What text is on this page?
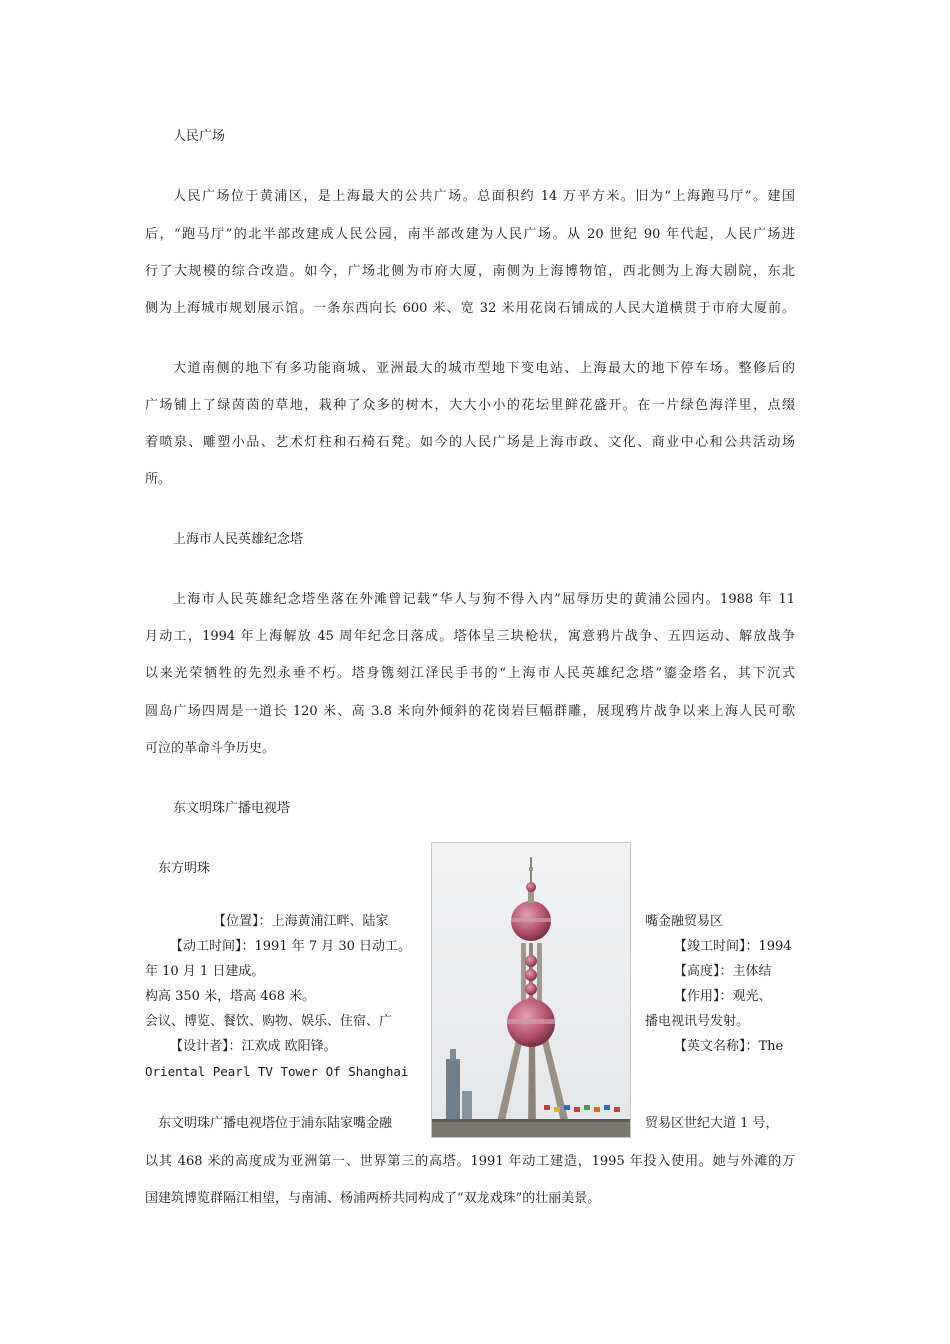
人民广场
人民广场位于黄浦区，是上海最大的公共广场。总面积约 14 万平方米。旧为“上海跑马厅”。建国
后，“跑马厅”的北半部改建成人民公园，南半部改建为人民广场。从 20 世纪 90 年代起，人民广场进
行了大规模的综合改造。如今，广场北侧为市府大厦，南侧为上海博物馆，西北侧为上海大剧院，东北
侧为上海城市规划展示馆。一条东西向长 600 米、宽 32 米用花岗石铺成的人民大道横贯于市府大厦前。
大道南侧的地下有多功能商城、亚洲最大的城市型地下变电站、上海最大的地下停车场。整修后的
广场铺上了绿茵茵的草地，栽种了众多的树木，大大小小的花坛里鲜花盛开。在一片绿色海洋里，点缀
着喷泉、雕塑小品、艺术灯柱和石椅石凳。如今的人民广场是上海市政、文化、商业中心和公共活动场
所。
上海市人民英雄纪念塔
上海市人民英雄纪念塔坐落在外滩曾记载“华人与狗不得入内”屈辱历史的黄浦公园内。1988 年 11
月动工，1994 年上海解放 45 周年纪念日落成。塔体呈三块枪状，寓意鸦片战争、五四运动、解放战争
以来光荣牺牲的先烈永垂不朽。塔身镌刻江泽民手书的“上海市人民英雄纪念塔”鎏金塔名，其下沉式
圆岛广场四周是一道长 120 米、高 3.8 米向外倾斜的花岗岩巨幅群雕，展现鸦片战争以来上海人民可歌
可泣的革命斗争历史。
东文明珠广播电视塔
东方明珠
【位置】：上海黄浦江畔、陆家
【动工时间】：1991 年 7 月 30 日动工。
年 10 月 1 日建成。
构高 350 米，塔高 468 米。
会议、博览、餐饮、购物、娱乐、住宿、广
【设计者】：江欢成 欧阳锋。
Oriental Pearl TV Tower Of Shanghai
嘴金融贸易区
【竣工时间】：1994
【高度】：主体结
【作用】：观光、
播电视讯号发射。
【英文名称】：The
东文明珠广播电视塔位于浦东陆家嘴金融	贸易区世纪大道 1 号，
以其 468 米的高度成为亚洲第一、世界第三的高塔。1991 年动工建造，1995 年投入使用。她与外滩的万
国建筑博览群隔江相望，与南浦、杨浦两桥共同构成了“双龙戏珠”的壮丽美景。
